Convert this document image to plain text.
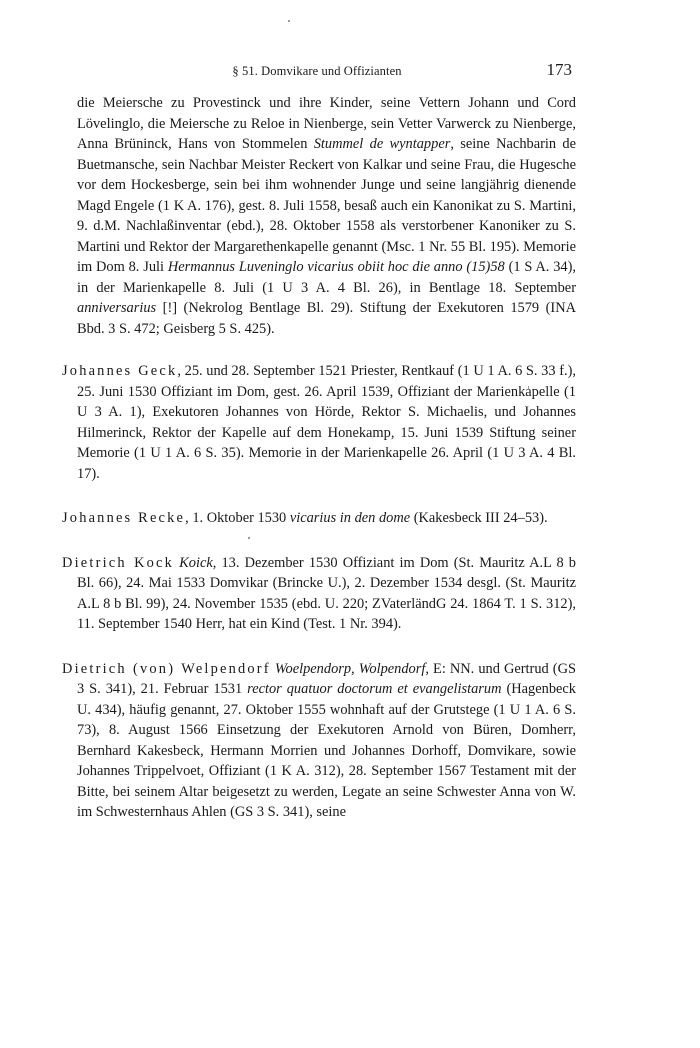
§ 51. Domvikare und Offizianten	173

die Meiersche zu Provestinck und ihre Kinder, seine Vettern Johann und Cord Lövelinglo, die Meiersche zu Reloe in Nienberge, sein Vetter Varwerck zu Nienberge, Anna Brüninck, Hans von Stommelen Stummel de wyntapper, seine Nachbarin de Buetmansche, sein Nachbar Meister Reckert von Kalkar und seine Frau, die Hugesche vor dem Hockesberge, sein bei ihm wohnender Junge und seine langjährig dienende Magd Engele (1 K A. 176), gest. 8. Juli 1558, besaß auch ein Kanonikat zu S. Martini, 9. d.M. Nachlaßinventar (ebd.), 28. Oktober 1558 als verstorbener Kanoniker zu S. Martini und Rektor der Margarethenkapelle genannt (Msc. 1 Nr. 55 Bl. 195). Memorie im Dom 8. Juli Hermannus Luveninglo vicarius obiit hoc die anno (15)58 (1 S A. 34), in der Marienkapelle 8. Juli (1 U 3 A. 4 Bl. 26), in Bentlage 18. September anniversarius [!] (Nekrolog Bentlage Bl. 29). Stiftung der Exekutoren 1579 (INA Bbd. 3 S. 472; Geisberg 5 S. 425).

Johannes Geck, 25. und 28. September 1521 Priester, Rentkauf (1 U 1 A. 6 S. 33 f.), 25. Juni 1530 Offiziant im Dom, gest. 26. April 1539, Offiziant der Marienkapelle (1 U 3 A. 1), Exekutoren Johannes von Hörde, Rektor S. Michaelis, und Johannes Hilmerinck, Rektor der Kapelle auf dem Honekamp, 15. Juni 1539 Stiftung seiner Memorie (1 U 1 A. 6 S. 35). Memorie in der Marienkapelle 26. April (1 U 3 A. 4 Bl. 17).

Johannes Recke, 1. Oktober 1530 vicarius in den dome (Kakesbeck III 24–53).

Dietrich Kock Koick, 13. Dezember 1530 Offiziant im Dom (St. Mauritz A.L 8 b Bl. 66), 24. Mai 1533 Domvikar (Brincke U.), 2. Dezember 1534 desgl. (St. Mauritz A.L 8 b Bl. 99), 24. November 1535 (ebd. U. 220; ZVaterländG 24. 1864 T. 1 S. 312), 11. September 1540 Herr, hat ein Kind (Test. 1 Nr. 394).

Dietrich (von) Welpendorf Woelpendorp, Wolpendorf, E: NN. und Gertrud (GS 3 S. 341), 21. Februar 1531 rector quatuor doctorum et evangelistarum (Hagenbeck U. 434), häufig genannt, 27. Oktober 1555 wohnhaft auf der Grutstege (1 U 1 A. 6 S. 73), 8. August 1566 Einsetzung der Exekutoren Arnold von Büren, Domherr, Bernhard Kakesbeck, Hermann Morrien und Johannes Dorhoff, Domvikare, sowie Johannes Trippelvoet, Offiziant (1 K A. 312), 28. September 1567 Testament mit der Bitte, bei seinem Altar beigesetzt zu werden, Legate an seine Schwester Anna von W. im Schwesternhaus Ahlen (GS 3 S. 341), seine
